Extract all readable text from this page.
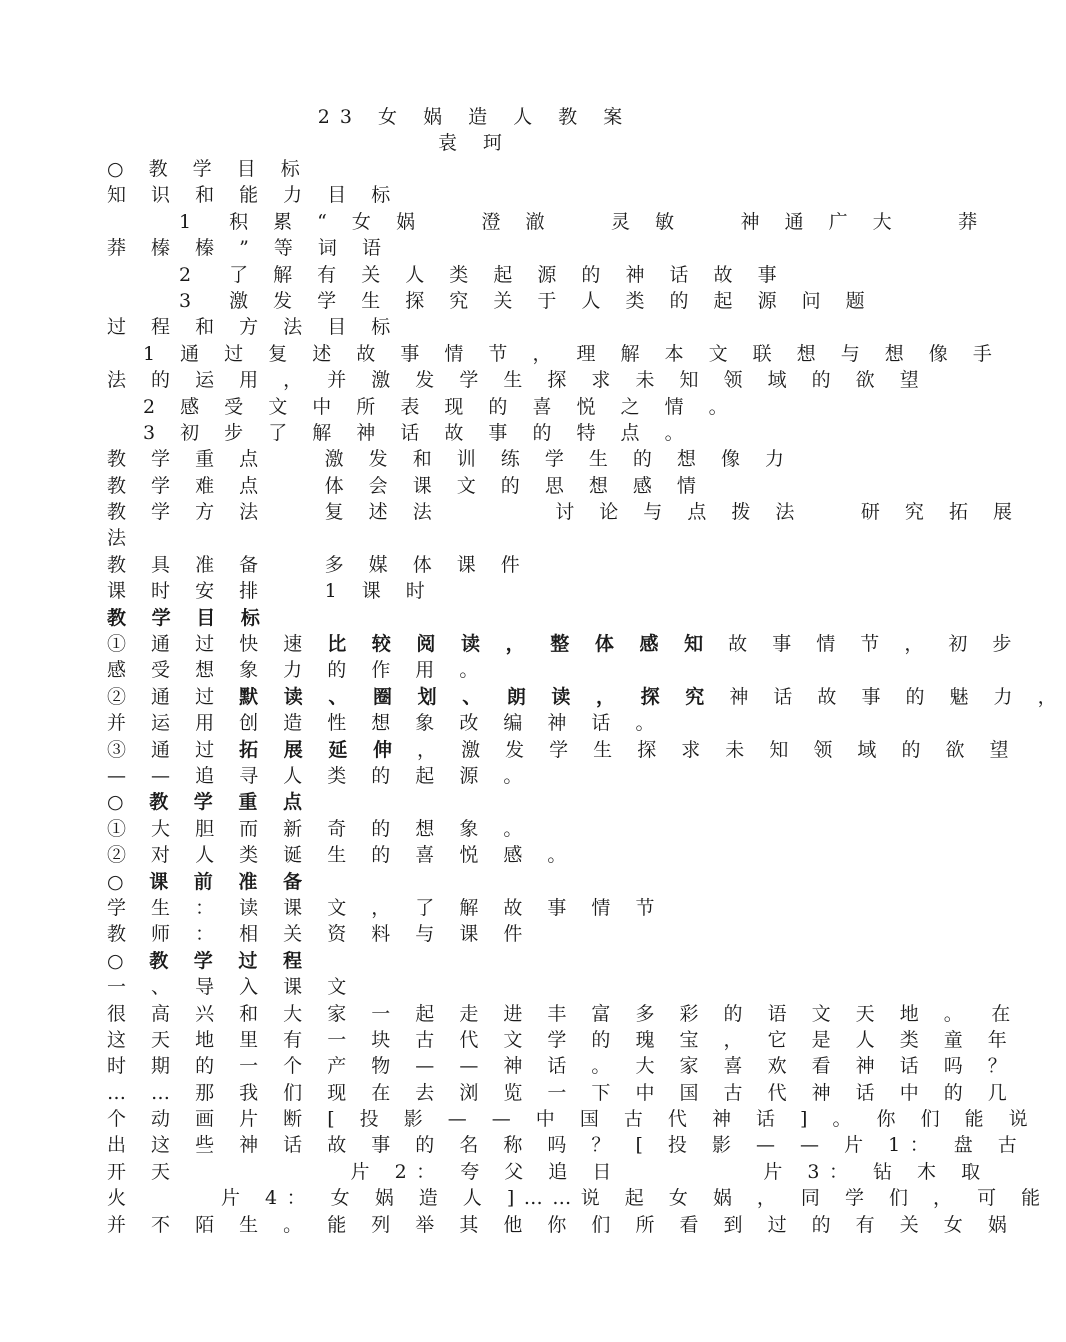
23 女 娲 造 人 教 案
袁 珂
○ 教 学 目 标
知 识 和 能 力 目 标
1　积 累 “ 女 娲　　澄 澈　　灵 敏　　神 通 广 大　　莽
莽 榛 榛 ” 等 词 语
2　了 解 有 关 人 类 起 源 的 神 话 故 事
3　激 发 学 生 探 究 关 于 人 类 的 起 源 问 题
过 程 和 方 法 目 标
1 通 过 复 述 故 事 情 节 ， 理 解 本 文 联 想 与 想 像 手
法 的 运 用 ， 并 激 发 学 生 探 求 未 知 领 域 的 欲 望
2 感 受 文 中 所 表 现 的 喜 悦 之 情 。
3 初 步 了 解 神 话 故 事 的 特 点 。
教 学 重 点　　激 发 和 训 练 学 生 的 想 像 力
教 学 难 点　　体 会 课 文 的 思 想 感 情
教 学 方 法　　复 述 法　　　　讨 论 与 点 拨 法　　研 究 拓 展
法
教 具 准 备　　多 媒 体 课 件
课 时 安 排　　1 课 时
教 学 目 标
① 通 过 快 速 比 较 阅 读 ， 整 体 感 知 故 事 情 节 ， 初 步
感 受 想 象 力 的 作 用 。
② 通 过 默 读 、 圈 划 、 朗 读 ， 探 究 神 话 故 事 的 魅 力 ，
并 运 用 创 造 性 想 象 改 编 神 话 。
③ 通 过 拓 展 延 伸 ， 激 发 学 生 探 求 未 知 领 域 的 欲 望
— — 追 寻 人 类 的 起 源 。
○ 教 学 重 点
① 大 胆 而 新 奇 的 想 象 。
② 对 人 类 诞 生 的 喜 悦 感 。
○ 课 前 准 备
学 生 ： 读 课 文 ， 了 解 故 事 情 节
教 师 ： 相 关 资 料 与 课 件
○ 教 学 过 程
一 、 导 入 课 文
很 高 兴 和 大 家 一 起 走 进 丰 富 多 彩 的 语 文 天 地 。　在
这 天 地 里 有 一 块 古 代 文 学 的 瑰 宝 ， 它 是 人 类 童 年
时 期 的 一 个 产 物 — — 神 话 。 大 家 喜 欢 看 神 话 吗 ？
… … 那 我 们 现 在 去 浏 览 一 下 中 国 古 代 神 话 中 的 几
个 动 画 片 断 [ 投 影 — — 中 国 古 代 神 话 ] 。 你 们 能 说
出 这 些 神 话 故 事 的 名 称 吗 ？ [ 投 影 — — 片 1： 盘 古
开 天　　　　　　片 2： 夸 父 追 日　　　　　片 3： 钻 木 取
火　　　片 4： 女 娲 造 人 ]……说 起 女 娲 ， 同 学 们 ， 可 能
并 不 陌 生 。 能 列 举 其 他 你 们 所 看 到 过 的 有 关 女 娲
